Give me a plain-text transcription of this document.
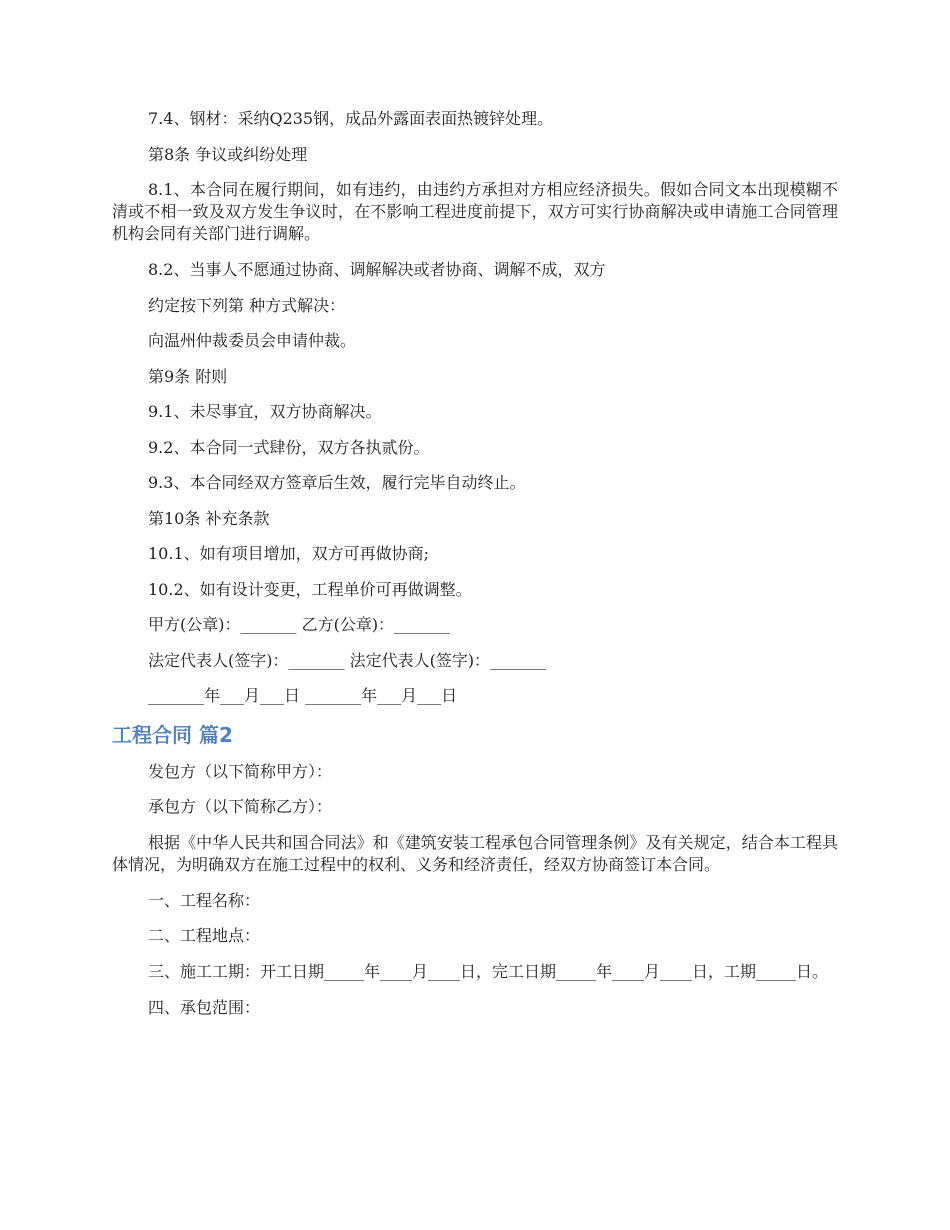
7.4、钢材：采纳Q235钢，成品外露面表面热镀锌处理。

第8条 争议或纠纷处理

8.1、本合同在履行期间，如有违约，由违约方承担对方相应经济损失。假如合同文本出现模糊不清或不相一致及双方发生争议时，在不影响工程进度前提下，双方可实行协商解决或申请施工合同管理机构会同有关部门进行调解。

8.2、当事人不愿通过协商、调解解决或者协商、调解不成，双方

约定按下列第 种方式解决：

向温州仲裁委员会申请仲裁。

第9条 附则

9.1、未尽事宜，双方协商解决。

9.2、本合同一式肆份，双方各执贰份。

9.3、本合同经双方签章后生效，履行完毕自动终止。

第10条 补充条款

10.1、如有项目增加，双方可再做协商;

10.2、如有设计变更，工程单价可再做调整。

甲方(公章)：_______ 乙方(公章)：_______

法定代表人(签字)：_______ 法定代表人(签字)：_______

_______年___月___日 _______年___月___日

工程合同 篇2

发包方（以下简称甲方）：

承包方（以下简称乙方）：

根据《中华人民共和国合同法》和《建筑安装工程承包合同管理条例》及有关规定，结合本工程具体情况，为明确双方在施工过程中的权利、义务和经济责任，经双方协商签订本合同。

一、工程名称：

二、工程地点：

三、施工工期：开工日期_____年____月____日，完工日期_____年____月____日，工期_____日。

四、承包范围：
